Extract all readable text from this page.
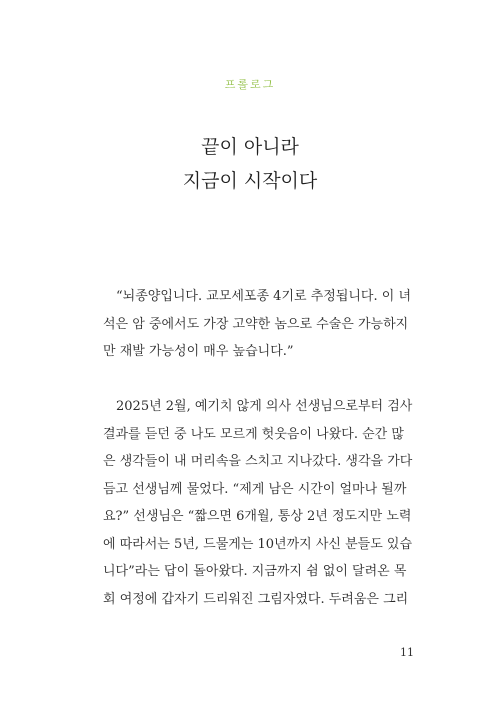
프롤로그
끝이 아니라
지금이 시작이다
“뇌종양입니다. 교모세포종 4기로 추정됩니다. 이 녀
석은 암 중에서도 가장 고약한 놈으로 수술은 가능하지
만 재발 가능성이 매우 높습니다.”
2025년 2월, 예기치 않게 의사 선생님으로부터 검사
결과를 듣던 중 나도 모르게 헛웃음이 나왔다. 순간 많
은 생각들이 내 머리속을 스치고 지나갔다. 생각을 가다
듬고 선생님께 물었다. “제게 남은 시간이 얼마나 될까
요?” 선생님은 “짧으면 6개월, 통상 2년 정도지만 노력
에 따라서는 5년, 드물게는 10년까지 사신 분들도 있습
니다”라는 답이 돌아왔다. 지금까지 쉼 없이 달려온 목
회 여정에 갑자기 드리워진 그림자였다. 두려움은 그리
11
